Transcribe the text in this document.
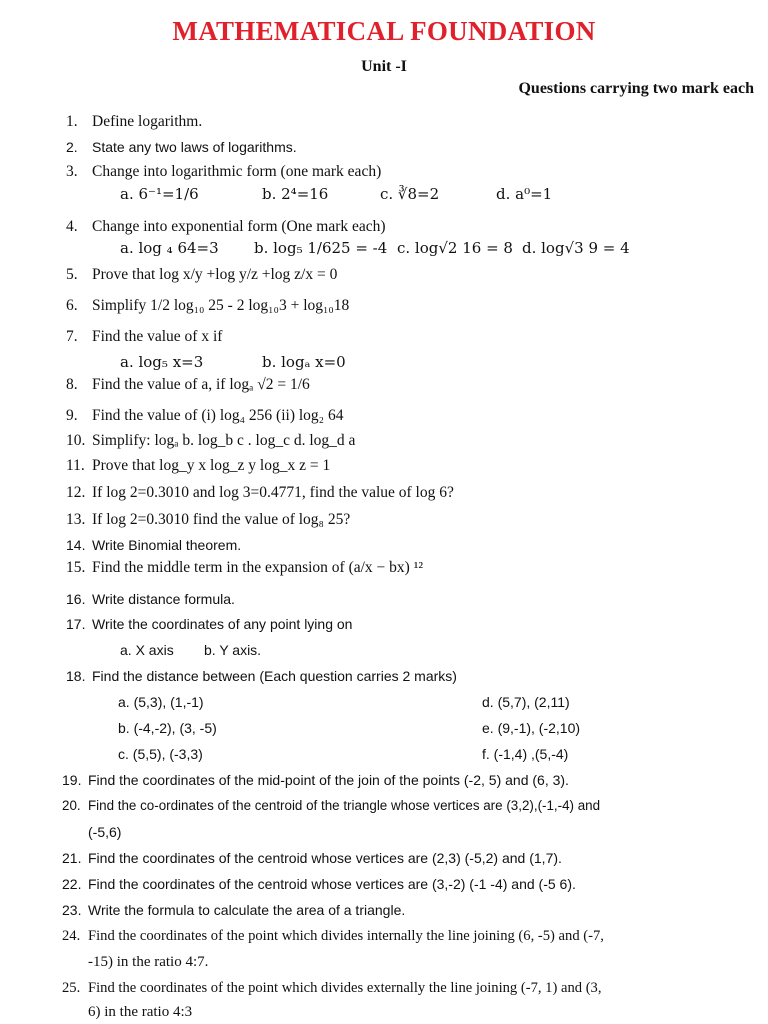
MATHEMATICAL FOUNDATION
Unit -I
Questions carrying two mark each
1. Define logarithm.
2. State any two laws of logarithms.
3. Change into logarithmic form (one mark each)
a. 6⁻¹=1/6	b. 2⁴=16	c. ∛8=2	d. a⁰=1
4. Change into exponential form (One mark each)
a. log ₄ 64=3 b. log₅ 1/625 = -4 c. log√2 16 = 8 d. log√3 9 = 4
5. Prove that log x/y +log y/z +log z/x = 0
6. Simplify 1/2 log₁₀ 25 - 2 log₁₀3 + log₁₀18
7. Find the value of x if
a. log₅ x=3	b. logₐ x=0
8. Find the value of a, if logₐ √2 = 1/6
9. Find the value of (i) log₄ 256 (ii) log₂ 64
10. Simplify: logₐ b. log_b c . log_c d. log_d a
11. Prove that log_y x log_z y log_x z = 1
12. If log 2=0.3010 and log 3=0.4771, find the value of log 6?
13. If log 2=0.3010 find the value of log₈ 25?
14. Write Binomial theorem.
15. Find the middle term in the expansion of (a/x − bx) ¹²
16. Write distance formula.
17. Write the coordinates of any point lying on
a. X axis b. Y axis.
18. Find the distance between (Each question carries 2 marks)
a. (5,3), (1,-1)	d. (5,7), (2,11)
b. (-4,-2), (3, -5)	e. (9,-1), (-2,10)
c. (5,5), (-3,3)	f. (-1,4) ,(5,-4)
19. Find the coordinates of the mid-point of the join of the points (-2, 5) and (6, 3).
20. Find the co-ordinates of the centroid of the triangle whose vertices are (3,2),(-1,-4) and
(-5,6)
21. Find the coordinates of the centroid whose vertices are (2,3) (-5,2) and (1,7).
22. Find the coordinates of the centroid whose vertices are (3,-2) (-1 -4) and (-5 6).
23. Write the formula to calculate the area of a triangle.
24. Find the coordinates of the point which divides internally the line joining (6, -5) and (-7,
-15) in the ratio 4:7.
25. Find the coordinates of the point which divides externally the line joining (-7, 1) and (3,
6) in the ratio 4:3
